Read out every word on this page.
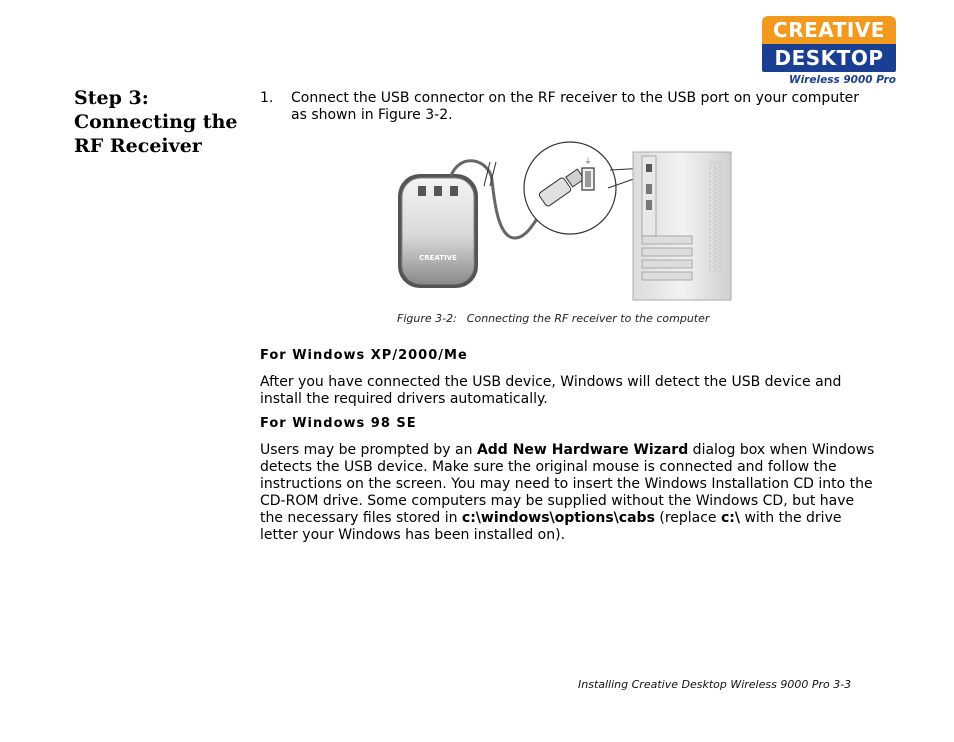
CREATIVE
DESKTOP
Wireless 9000 Pro
Step 3:
Connecting the
RF Receiver
1.	Connect the USB connector on the RF receiver to the USB port on your computer as shown in Figure 3-2.
CREATIVE
⏚
Figure 3-2: Connecting the RF receiver to the computer
For Windows XP/2000/Me
After you have connected the USB device, Windows will detect the USB device and install the required drivers automatically.
For Windows 98 SE
Users may be prompted by an Add New Hardware Wizard dialog box when Windows detects the USB device. Make sure the original mouse is connected and follow the instructions on the screen. You may need to insert the Windows Installation CD into the CD-ROM drive. Some computers may be supplied without the Windows CD, but have the necessary files stored in c:\windows\options\cabs (replace c:\ with the drive letter your Windows has been installed on).
Installing Creative Desktop Wireless 9000 Pro 3-3
